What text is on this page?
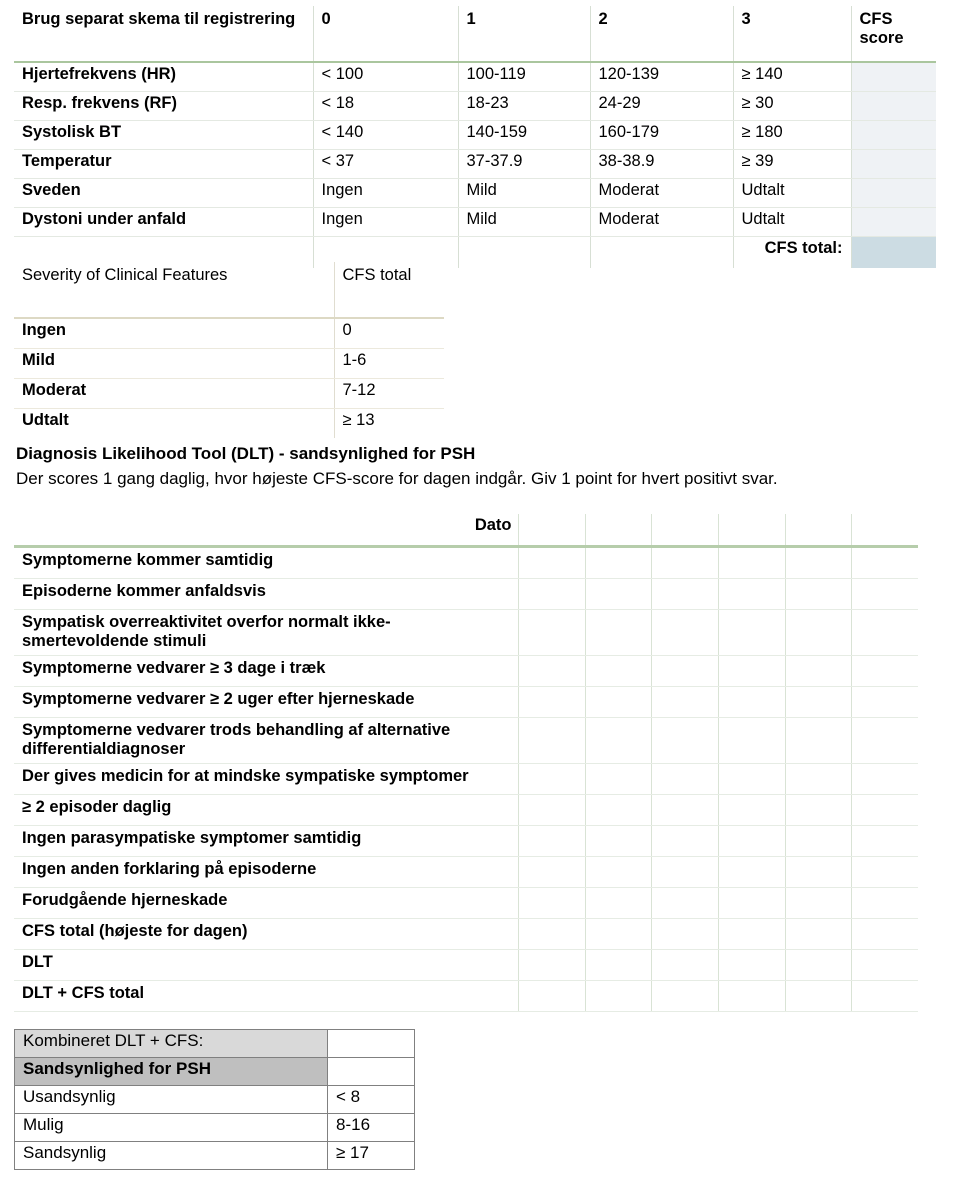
Brug separat skema til registrering	0	1	2	3	CFS score
Hjertefrekvens (HR)	< 100	100-119	120-139	≥ 140	
Resp. frekvens (RF)	< 18	18-23	24-29	≥ 30	
Systolisk BT	< 140	140-159	160-179	≥ 180	
Temperatur	< 37	37-37.9	38-38.9	≥ 39	
Sveden	Ingen	Mild	Moderat	Udtalt	
Dystoni under anfald	Ingen	Mild	Moderat	Udtalt	
				CFS total:	
Severity of Clinical Features	CFS total
Ingen	0
Mild	1-6
Moderat	7-12
Udtalt	≥ 13
Diagnosis Likelihood Tool (DLT) - sandsynlighed for PSH
Der scores 1 gang daglig, hvor højeste CFS-score for dagen indgår. Giv 1 point for hvert positivt svar.
Dato						
Symptomerne kommer samtidig						
Episoderne kommer anfaldsvis						
Sympatisk overreaktivitet overfor normalt ikke-smertevoldende stimuli						
Symptomerne vedvarer ≥ 3 dage i træk						
Symptomerne vedvarer ≥ 2 uger efter hjerneskade						
Symptomerne vedvarer trods behandling af alternative differentialdiagnoser						
Der gives medicin for at mindske sympatiske symptomer						
≥ 2 episoder daglig						
Ingen parasympatiske symptomer samtidig						
Ingen anden forklaring på episoderne						
Forudgående hjerneskade						
CFS total (højeste for dagen)						
DLT						
DLT + CFS total						
Kombineret DLT + CFS:	
Sandsynlighed for PSH	
Usandsynlig	< 8
Mulig	8-16
Sandsynlig	≥ 17
